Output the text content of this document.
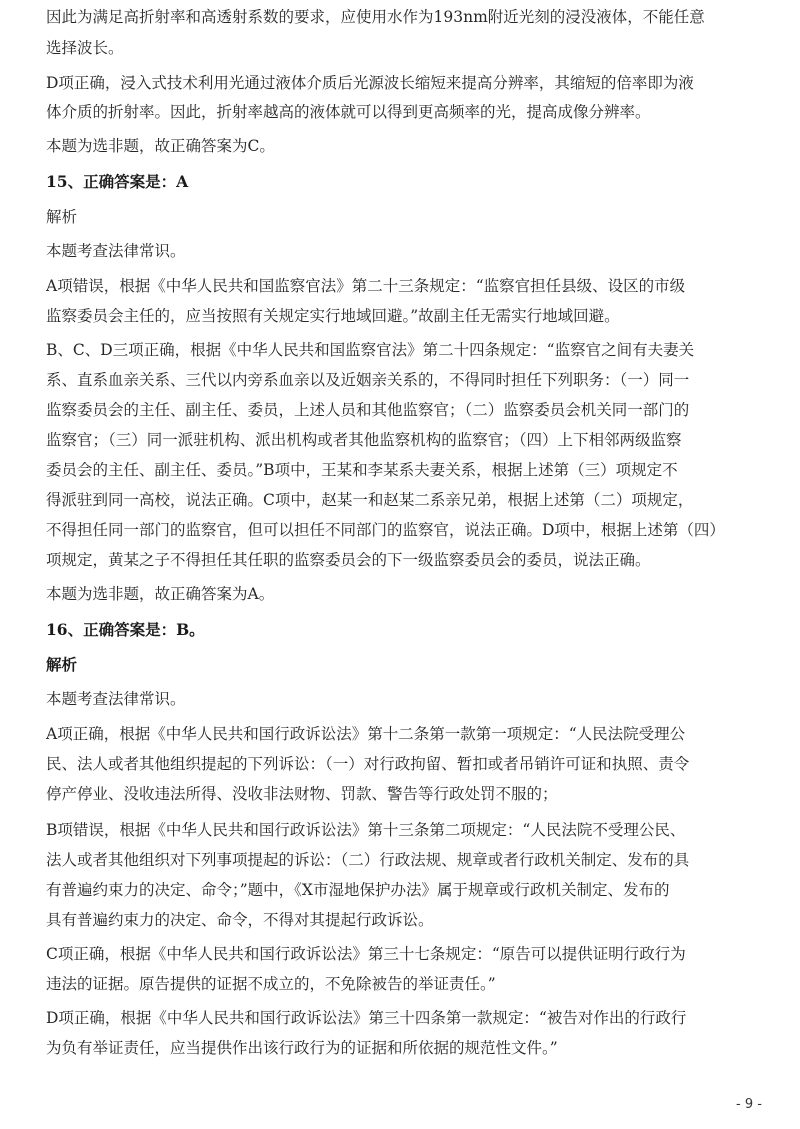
因此为满足高折射率和高透射系数的要求，应使用水作为193nm附近光刻的浸没液体，不能任意
选择波长。
D项正确，浸入式技术利用光通过液体介质后光源波长缩短来提高分辨率，其缩短的倍率即为液
体介质的折射率。因此，折射率越高的液体就可以得到更高频率的光，提高成像分辨率。
本题为选非题，故正确答案为C。
15、正确答案是：A
解析
本题考查法律常识。
A项错误，根据《中华人民共和国监察官法》第二十三条规定：“监察官担任县级、设区的市级
监察委员会主任的，应当按照有关规定实行地域回避。”故副主任无需实行地域回避。
B、C、D三项正确，根据《中华人民共和国监察官法》第二十四条规定：“监察官之间有夫妻关
系、直系血亲关系、三代以内旁系血亲以及近姻亲关系的，不得同时担任下列职务：（一）同一
监察委员会的主任、副主任、委员，上述人员和其他监察官；（二）监察委员会机关同一部门的
监察官；（三）同一派驻机构、派出机构或者其他监察机构的监察官；（四）上下相邻两级监察
委员会的主任、副主任、委员。”B项中，王某和李某系夫妻关系，根据上述第（三）项规定不
得派驻到同一高校，说法正确。C项中，赵某一和赵某二系亲兄弟，根据上述第（二）项规定，
不得担任同一部门的监察官，但可以担任不同部门的监察官，说法正确。D项中，根据上述第（四）
项规定，黄某之子不得担任其任职的监察委员会的下一级监察委员会的委员，说法正确。
本题为选非题，故正确答案为A。
16、正确答案是：B。
解析
本题考查法律常识。
A项正确，根据《中华人民共和国行政诉讼法》第十二条第一款第一项规定：“人民法院受理公
民、法人或者其他组织提起的下列诉讼：（一）对行政拘留、暂扣或者吊销许可证和执照、责令
停产停业、没收违法所得、没收非法财物、罚款、警告等行政处罚不服的；
B项错误，根据《中华人民共和国行政诉讼法》第十三条第二项规定：“人民法院不受理公民、
法人或者其他组织对下列事项提起的诉讼：（二）行政法规、规章或者行政机关制定、发布的具
有普遍约束力的决定、命令；”题中，《X市湿地保护办法》属于规章或行政机关制定、发布的
具有普遍约束力的决定、命令，不得对其提起行政诉讼。
C项正确，根据《中华人民共和国行政诉讼法》第三十七条规定：“原告可以提供证明行政行为
违法的证据。原告提供的证据不成立的，不免除被告的举证责任。”
D项正确，根据《中华人民共和国行政诉讼法》第三十四条第一款规定：“被告对作出的行政行
为负有举证责任，应当提供作出该行政行为的证据和所依据的规范性文件。”
- 9 -
